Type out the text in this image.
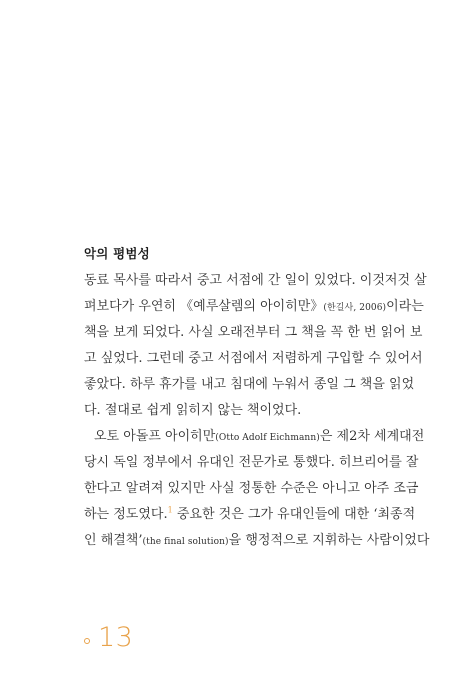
악의 평범성
동료 목사를 따라서 중고 서점에 간 일이 있었다. 이것저것 살
펴보다가 우연히 《예루살렘의 아이히만》(한길사, 2006)이라는
책을 보게 되었다. 사실 오래전부터 그 책을 꼭 한 번 읽어 보
고 싶었다. 그런데 중고 서점에서 저렴하게 구입할 수 있어서
좋았다. 하루 휴가를 내고 침대에 누워서 종일 그 책을 읽었
다. 절대로 쉽게 읽히지 않는 책이었다.
오토 아돌프 아이히만(Otto Adolf Eichmann)은 제2차 세계대전
당시 독일 정부에서 유대인 전문가로 통했다. 히브리어를 잘
한다고 알려져 있지만 사실 정통한 수준은 아니고 아주 조금
하는 정도였다.$^1$ 중요한 것은 그가 유대인들에 대한 ‘최종적
인 해결책’(the final solution)을 행정적으로 지휘하는 사람이었다
13
